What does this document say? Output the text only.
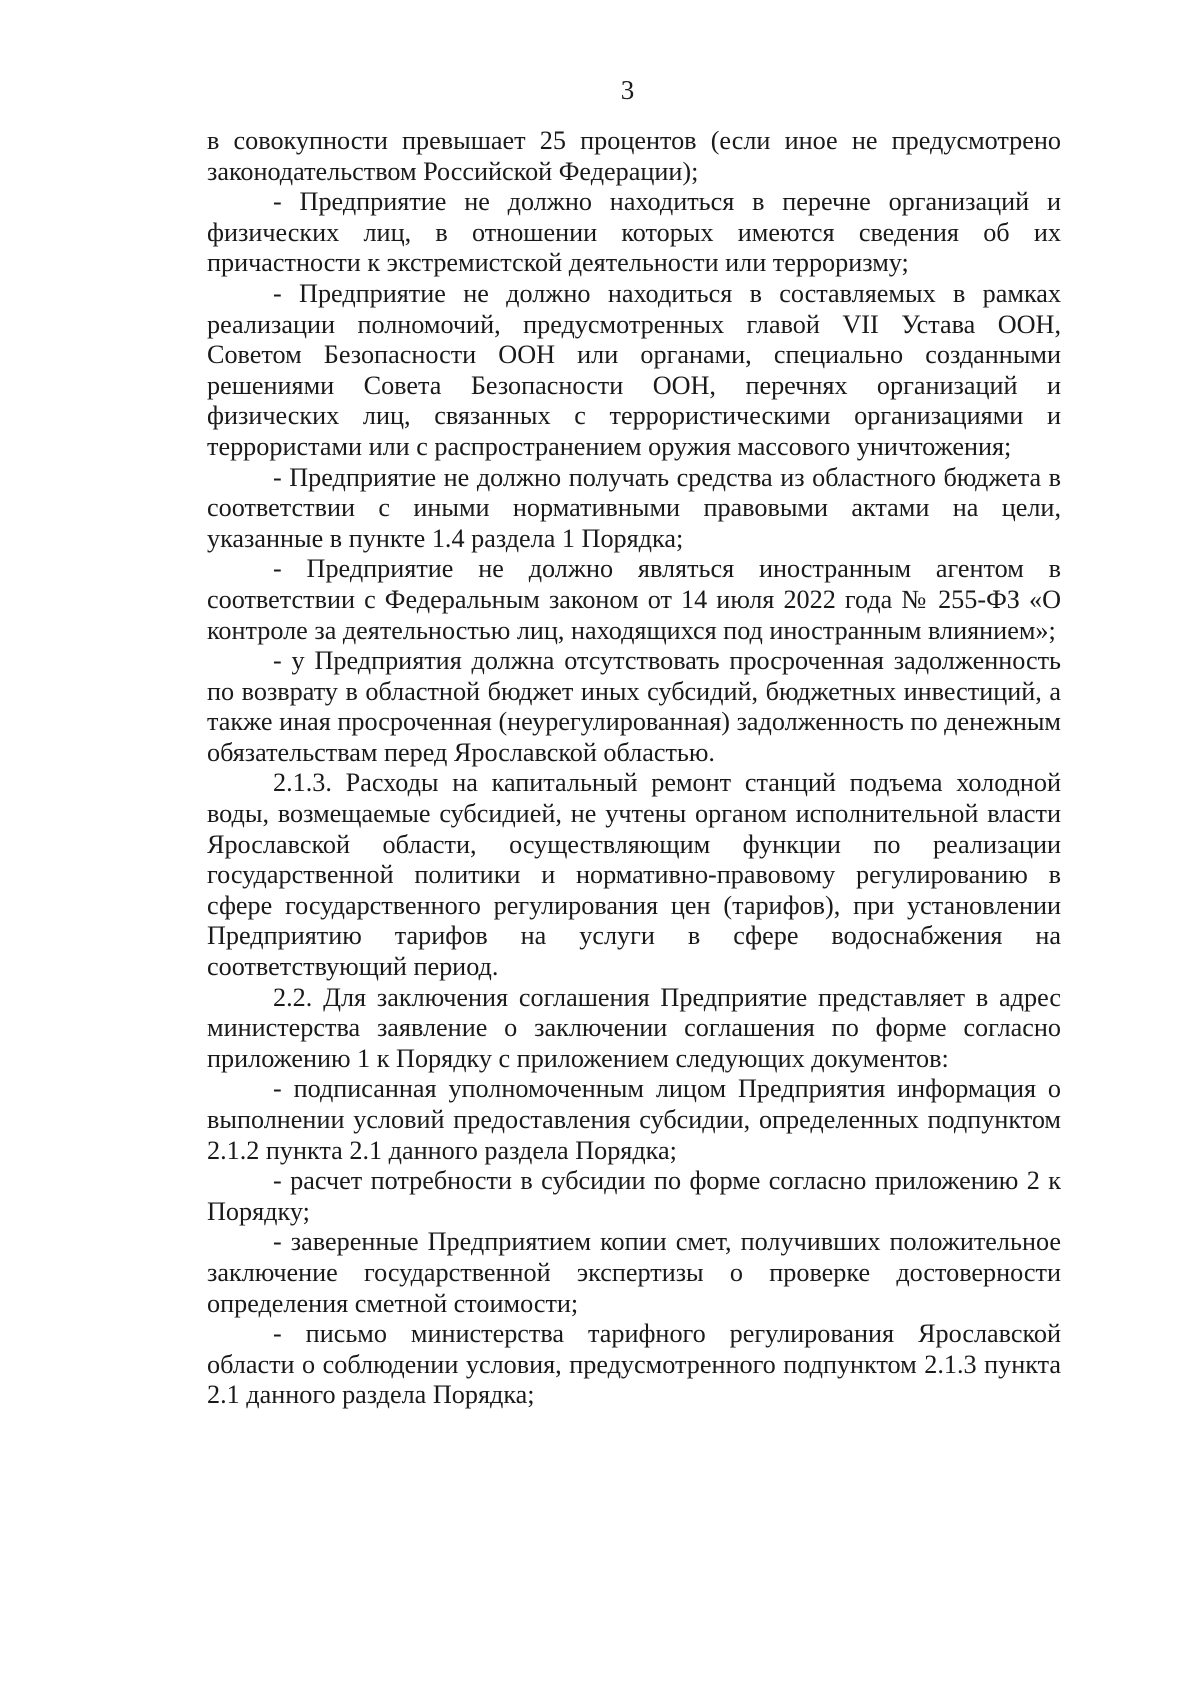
3

в совокупности превышает 25 процентов (если иное не предусмотрено законодательством Российской Федерации);

- Предприятие не должно находиться в перечне организаций и физических лиц, в отношении которых имеются сведения об их причастности к экстремистской деятельности или терроризму;

- Предприятие не должно находиться в составляемых в рамках реализации полномочий, предусмотренных главой VII Устава ООН, Советом Безопасности ООН или органами, специально созданными решениями Совета Безопасности ООН, перечнях организаций и физических лиц, связанных с террористическими организациями и террористами или с распространением оружия массового уничтожения;

- Предприятие не должно получать средства из областного бюджета в соответствии с иными нормативными правовыми актами на цели, указанные в пункте 1.4 раздела 1 Порядка;

- Предприятие не должно являться иностранным агентом в соответствии с Федеральным законом от 14 июля 2022 года № 255-ФЗ «О контроле за деятельностью лиц, находящихся под иностранным влиянием»;

- у Предприятия должна отсутствовать просроченная задолженность по возврату в областной бюджет иных субсидий, бюджетных инвестиций, а также иная просроченная (неурегулированная) задолженность по денежным обязательствам перед Ярославской областью.

2.1.3. Расходы на капитальный ремонт станций подъема холодной воды, возмещаемые субсидией, не учтены органом исполнительной власти Ярославской области, осуществляющим функции по реализации государственной политики и нормативно-правовому регулированию в сфере государственного регулирования цен (тарифов), при установлении Предприятию тарифов на услуги в сфере водоснабжения на соответствующий период.

2.2. Для заключения соглашения Предприятие представляет в адрес министерства заявление о заключении соглашения по форме согласно приложению 1 к Порядку с приложением следующих документов:

- подписанная уполномоченным лицом Предприятия информация о выполнении условий предоставления субсидии, определенных подпунктом 2.1.2 пункта 2.1 данного раздела Порядка;

- расчет потребности в субсидии по форме согласно приложению 2 к Порядку;

- заверенные Предприятием копии смет, получивших положительное заключение государственной экспертизы о проверке достоверности определения сметной стоимости;

- письмо министерства тарифного регулирования Ярославской области о соблюдении условия, предусмотренного подпунктом 2.1.3 пункта 2.1 данного раздела Порядка;
